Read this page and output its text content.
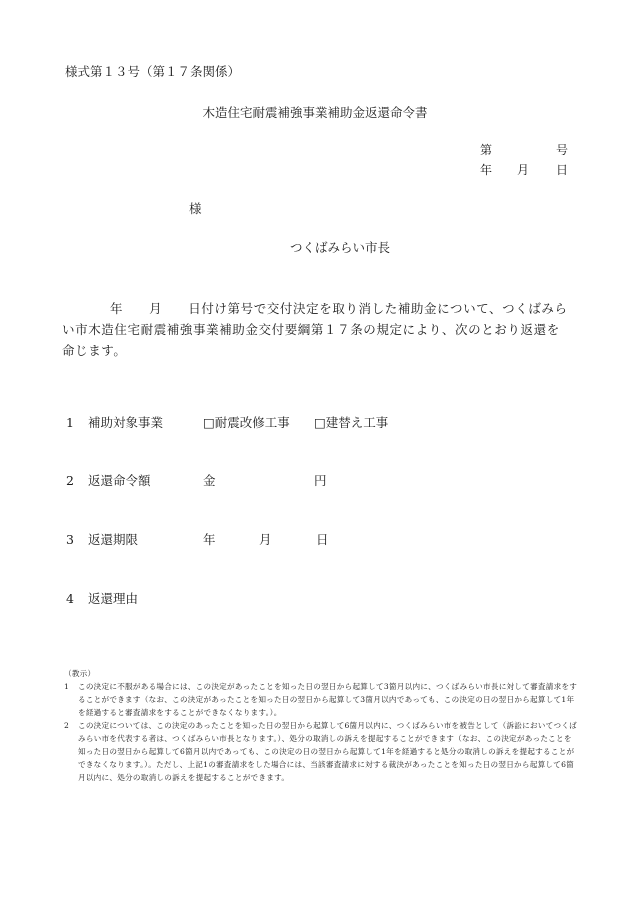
様式第１３号（第１７条関係）
木造住宅耐震補強事業補助金返還命令書
第	号
年 月 日
様
つくばみらい市長
年 月 日付け第号で交付決定を取り消した補助金について、つくばみらい市木造住宅耐震補強事業補助金交付要綱第１７条の規定により、次のとおり返還を命じます。
1 補助対象事業	□耐震改修工事 □建替え工事
2 返還命令額	金	円
3 返還期限	年	月	日
4 返還理由
（教示）
1 この決定に不服がある場合には、この決定があったことを知った日の翌日から起算して3箇月以内に、つくばみらい市長に対して審査請求をすることができます（なお、この決定があったことを知った日の翌日から起算して3箇月以内であっても、この決定の日の翌日から起算して1年を経過すると審査請求をすることができなくなります。）。
2 この決定については、この決定のあったことを知った日の翌日から起算して6箇月以内に、つくばみらい市を被告として（訴訟においてつくばみらい市を代表する者は、つくばみらい市長となります。）、処分の取消しの訴えを提起することができます（なお、この決定があったことを知った日の翌日から起算して6箇月以内であっても、この決定の日の翌日から起算して1年を経過すると処分の取消しの訴えを提起することができなくなります。）。ただし、上記1の審査請求をした場合には、当該審査請求に対する裁決があったことを知った日の翌日から起算して6箇月以内に、処分の取消しの訴えを提起することができます。
